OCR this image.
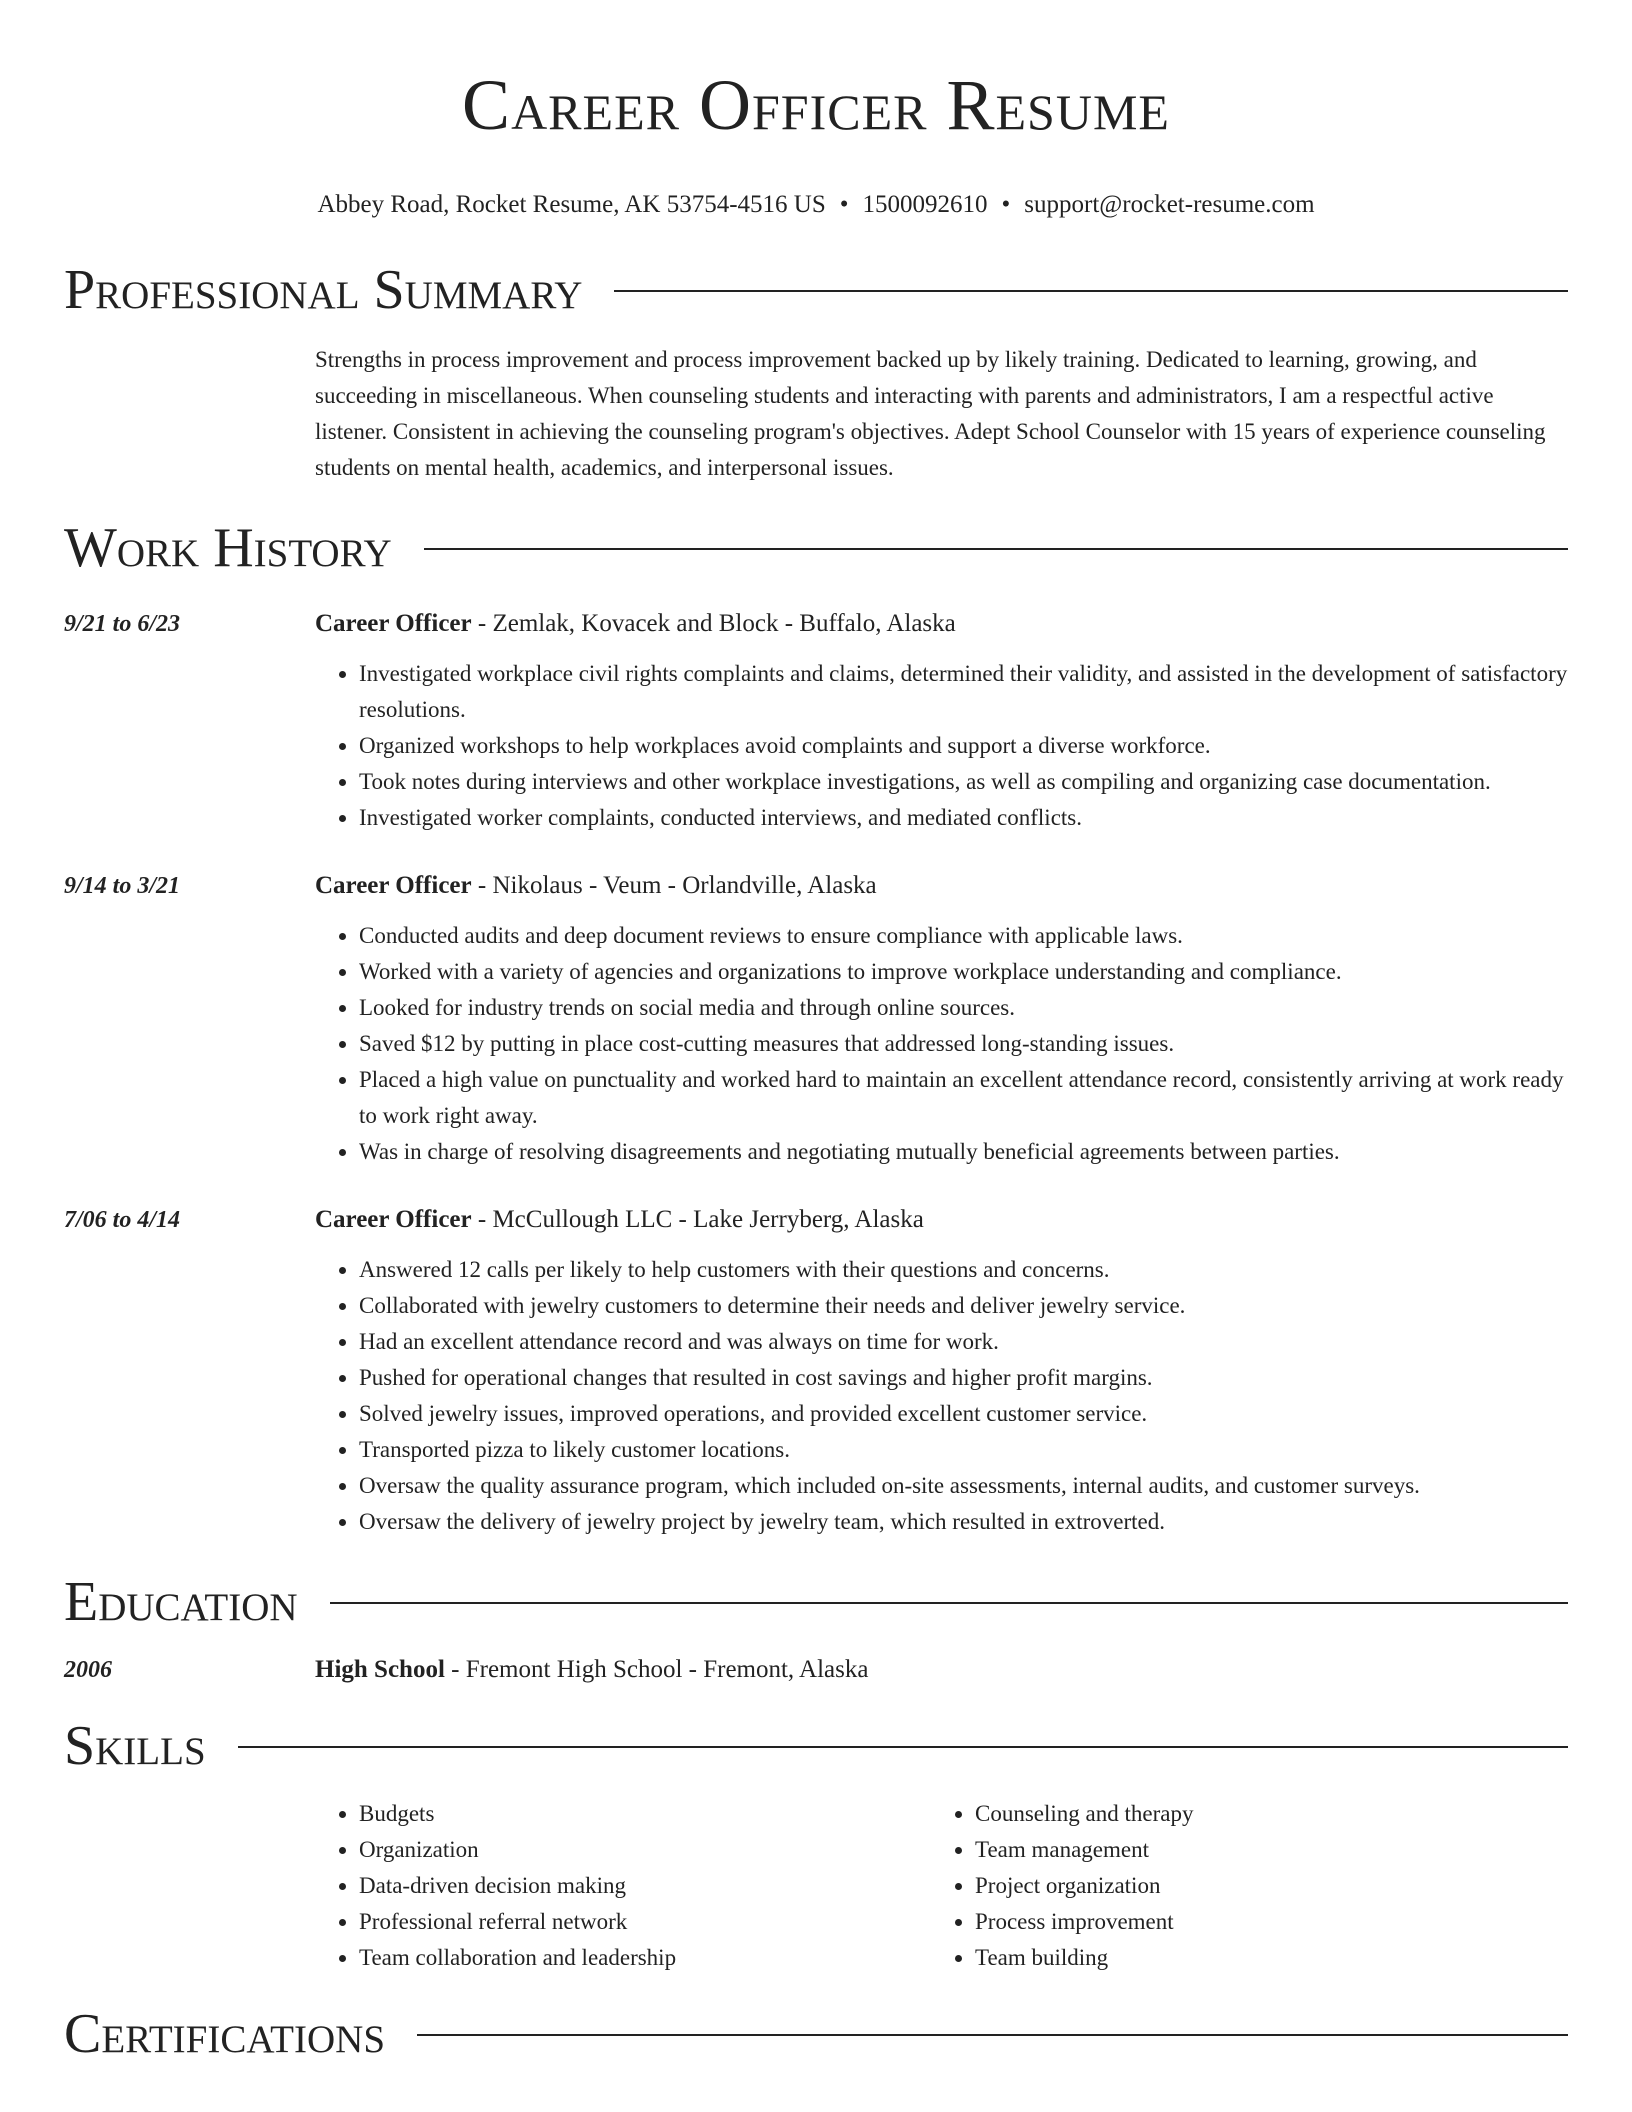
Career Officer Resume
Abbey Road, Rocket Resume, AK 53754-4516 US • 1500092610 • support@rocket-resume.com
Professional Summary
Strengths in process improvement and process improvement backed up by likely training. Dedicated to learning, growing, and succeeding in miscellaneous. When counseling students and interacting with parents and administrators, I am a respectful active listener. Consistent in achieving the counseling program's objectives. Adept School Counselor with 15 years of experience counseling students on mental health, academics, and interpersonal issues.
Work History
9/21 to 6/23	Career Officer - Zemlak, Kovacek and Block - Buffalo, Alaska
• Investigated workplace civil rights complaints and claims, determined their validity, and assisted in the development of satisfactory resolutions.
• Organized workshops to help workplaces avoid complaints and support a diverse workforce.
• Took notes during interviews and other workplace investigations, as well as compiling and organizing case documentation.
• Investigated worker complaints, conducted interviews, and mediated conflicts.
9/14 to 3/21	Career Officer - Nikolaus - Veum - Orlandville, Alaska
• Conducted audits and deep document reviews to ensure compliance with applicable laws.
• Worked with a variety of agencies and organizations to improve workplace understanding and compliance.
• Looked for industry trends on social media and through online sources.
• Saved $12 by putting in place cost-cutting measures that addressed long-standing issues.
• Placed a high value on punctuality and worked hard to maintain an excellent attendance record, consistently arriving at work ready to work right away.
• Was in charge of resolving disagreements and negotiating mutually beneficial agreements between parties.
7/06 to 4/14	Career Officer - McCullough LLC - Lake Jerryberg, Alaska
• Answered 12 calls per likely to help customers with their questions and concerns.
• Collaborated with jewelry customers to determine their needs and deliver jewelry service.
• Had an excellent attendance record and was always on time for work.
• Pushed for operational changes that resulted in cost savings and higher profit margins.
• Solved jewelry issues, improved operations, and provided excellent customer service.
• Transported pizza to likely customer locations.
• Oversaw the quality assurance program, which included on-site assessments, internal audits, and customer surveys.
• Oversaw the delivery of jewelry project by jewelry team, which resulted in extroverted.
Education
2006	High School - Fremont High School - Fremont, Alaska
Skills
• Budgets
• Organization
• Data-driven decision making
• Professional referral network
• Team collaboration and leadership
• Counseling and therapy
• Team management
• Project organization
• Process improvement
• Team building
Certifications
